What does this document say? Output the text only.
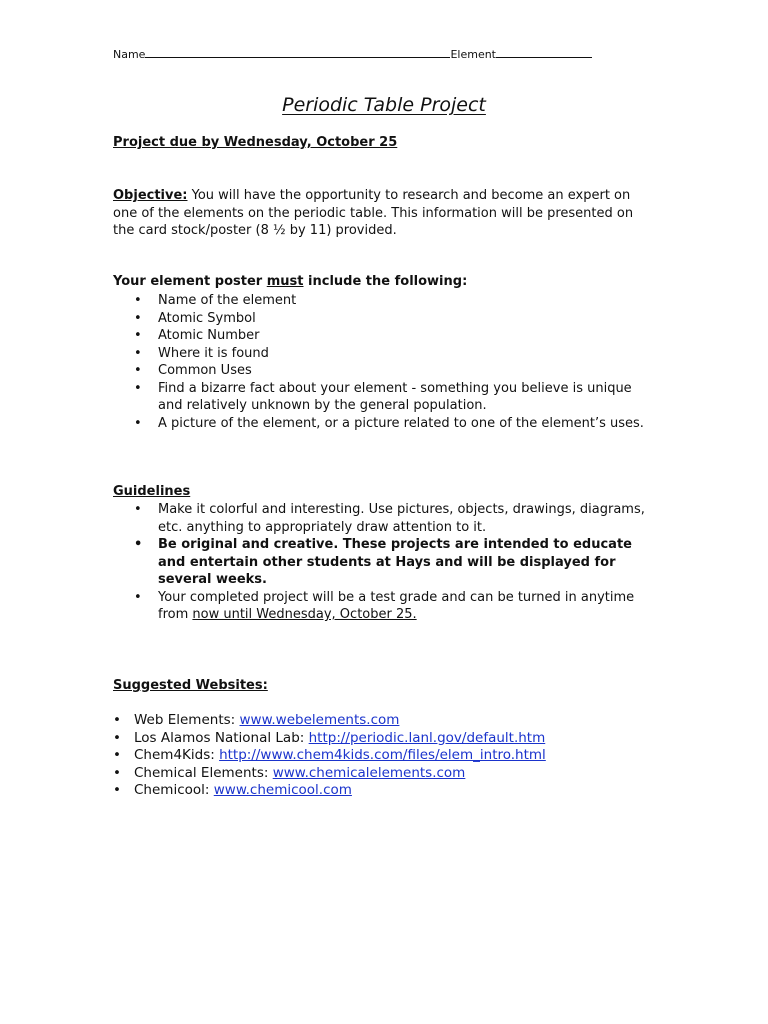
Name	Element
Periodic Table Project
Project due by Wednesday, October 25
Objective: You will have the opportunity to research and become an expert on one of the elements on the periodic table. This information will be presented on the card stock/poster (8 ½ by 11) provided.
Your element poster must include the following:
• Name of the element
• Atomic Symbol
• Atomic Number
• Where it is found
• Common Uses
• Find a bizarre fact about your element - something you believe is unique and relatively unknown by the general population.
• A picture of the element, or a picture related to one of the element’s uses.
Guidelines
• Make it colorful and interesting. Use pictures, objects, drawings, diagrams, etc. anything to appropriately draw attention to it.
• Be original and creative. These projects are intended to educate and entertain other students at Hays and will be displayed for several weeks.
• Your completed project will be a test grade and can be turned in anytime from now until Wednesday, October 25.
Suggested Websites:
• Web Elements: www.webelements.com
• Los Alamos National Lab: http://periodic.lanl.gov/default.htm
• Chem4Kids: http://www.chem4kids.com/files/elem_intro.html
• Chemical Elements: www.chemicalelements.com
• Chemicool: www.chemicool.com
